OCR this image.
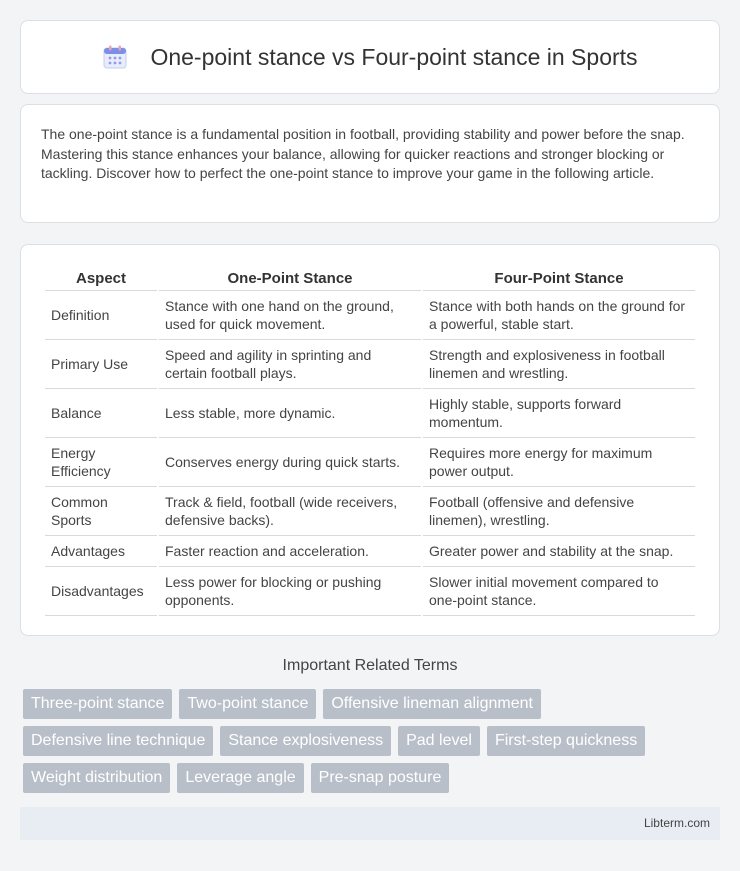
One-point stance vs Four-point stance in Sports

The one-point stance is a fundamental position in football, providing stability and power before the snap. Mastering this stance enhances your balance, allowing for quicker reactions and stronger blocking or tackling. Discover how to perfect the one-point stance to improve your game in the following article.

Aspect	One-Point Stance	Four-Point Stance
Definition	Stance with one hand on the ground, used for quick movement.	Stance with both hands on the ground for a powerful, stable start.
Primary Use	Speed and agility in sprinting and certain football plays.	Strength and explosiveness in football linemen and wrestling.
Balance	Less stable, more dynamic.	Highly stable, supports forward momentum.
Energy Efficiency	Conserves energy during quick starts.	Requires more energy for maximum power output.
Common Sports	Track & field, football (wide receivers, defensive backs).	Football (offensive and defensive linemen), wrestling.
Advantages	Faster reaction and acceleration.	Greater power and stability at the snap.
Disadvantages	Less power for blocking or pushing opponents.	Slower initial movement compared to one-point stance.
Important Related Terms
Three-point stance	Two-point stance	Offensive lineman alignment
Defensive line technique	Stance explosiveness	Pad level	First-step quickness
Weight distribution	Leverage angle	Pre-snap posture
Libterm.com
